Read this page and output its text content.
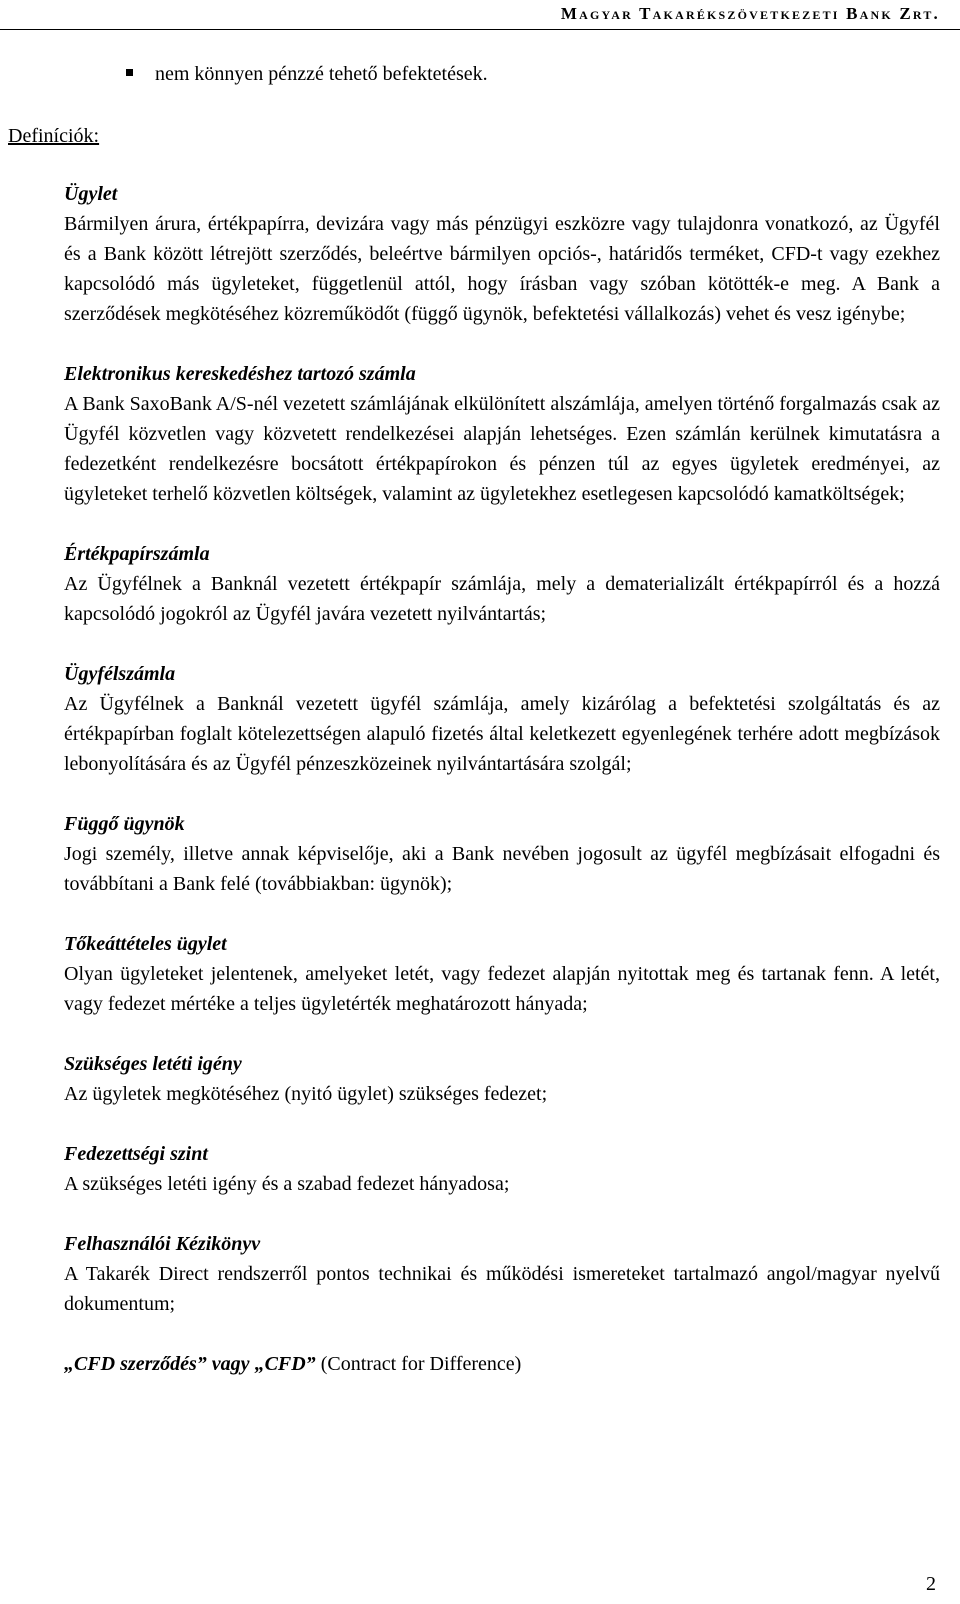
Magyar Takarékszövetkezeti Bank Zrt.
nem könnyen pénzzé tehető befektetések.
Definíciók:
Ügylet
Bármilyen árura, értékpapírra, devizára vagy más pénzügyi eszközre vagy tulajdonra vonatkozó, az Ügyfél és a Bank között létrejött szerződés, beleértve bármilyen opciós-, határidős terméket, CFD-t vagy ezekhez kapcsolódó más ügyleteket, függetlenül attól, hogy írásban vagy szóban kötötték-e meg. A Bank a szerződések megkötéséhez közreműködőt (függő ügynök, befektetési vállalkozás) vehet és vesz igénybe;
Elektronikus kereskedéshez tartozó számla
A Bank SaxoBank A/S-nél vezetett számlájának elkülönített alszámlája, amelyen történő forgalmazás csak az Ügyfél közvetlen vagy közvetett rendelkezései alapján lehetséges. Ezen számlán kerülnek kimutatásra a fedezetként rendelkezésre bocsátott értékpapírokon és pénzen túl az egyes ügyletek eredményei, az ügyleteket terhelő közvetlen költségek, valamint az ügyletekhez esetlegesen kapcsolódó kamatköltségek;
Értékpapírszámla
Az Ügyfélnek a Banknál vezetett értékpapír számlája, mely a dematerializált értékpapírról és a hozzá kapcsolódó jogokról az Ügyfél javára vezetett nyilvántartás;
Ügyfélszámla
Az Ügyfélnek a Banknál vezetett ügyfél számlája, amely kizárólag a befektetési szolgáltatás és az értékpapírban foglalt kötelezettségen alapuló fizetés által keletkezett egyenlegének terhére adott megbízások lebonyolítására és az Ügyfél pénzeszközeinek nyilvántartására szolgál;
Függő ügynök
Jogi személy, illetve annak képviselője, aki a Bank nevében jogosult az ügyfél megbízásait elfogadni és továbbítani a Bank felé (továbbiakban: ügynök);
Tőkeáttételes ügylet
Olyan ügyleteket jelentenek, amelyeket letét, vagy fedezet alapján nyitottak meg és tartanak fenn. A letét, vagy fedezet mértéke a teljes ügyletérték meghatározott hányada;
Szükséges letéti igény
Az ügyletek megkötéséhez (nyitó ügylet) szükséges fedezet;
Fedezettségi szint
A szükséges letéti igény és a szabad fedezet hányadosa;
Felhasználói Kézikönyv
A Takarék Direct rendszerről pontos technikai és működési ismereteket tartalmazó angol/magyar nyelvű dokumentum;
„CFD szerződés” vagy „CFD” (Contract for Difference)
2
